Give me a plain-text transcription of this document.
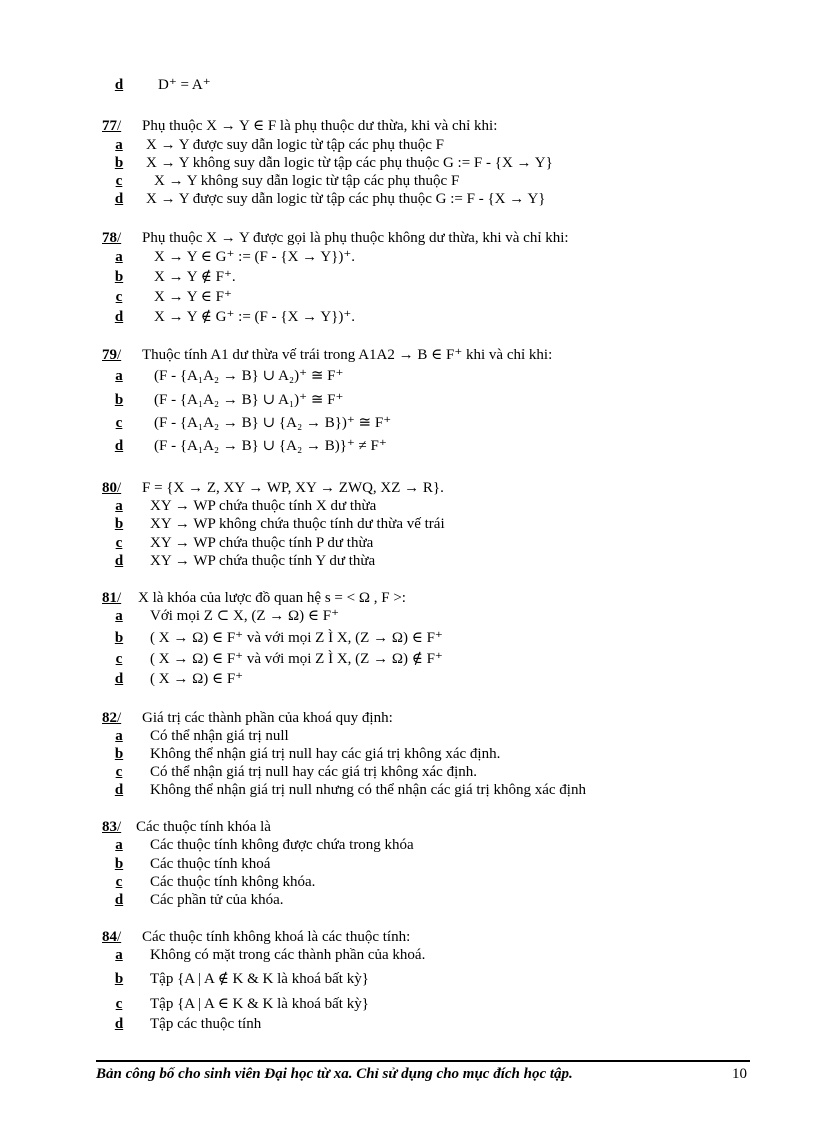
d D⁺ = A⁺
77/ Phụ thuộc X → Y ∈ F là phụ thuộc dư thừa, khi và chỉ khi:
a X → Y được suy dẫn logic từ tập các phụ thuộc F
b X → Y không suy dẫn logic từ tập các phụ thuộc G := F - {X → Y}
c X → Y không suy dẫn logic từ tập các phụ thuộc F
d X → Y được suy dẫn logic từ tập các phụ thuộc G := F - {X → Y}
78/ Phụ thuộc X → Y được gọi là phụ thuộc không dư thừa, khi và chỉ khi:
a X → Y ∈ G⁺ := (F - {X → Y})⁺.
b X → Y ∉ F⁺.
c X → Y ∈ F⁺
d X → Y ∉ G⁺ := (F - {X → Y})⁺.
79/ Thuộc tính A1 dư thừa vế trái trong A1A2 → B ∈ F⁺ khi và chỉ khi:
a (F - {A₁A₂ → B} ∪ A₂)⁺ ≅ F⁺
b (F - {A₁A₂ → B} ∪ A₁)⁺ ≅ F⁺
c (F - {A₁A₂ → B} ∪ {A₂ → B})⁺ ≅ F⁺
d (F - {A₁A₂ → B} ∪ {A₂ → B)}⁺ ≠ F⁺
80/ F = {X → Z, XY → WP, XY → ZWQ, XZ → R}.
a XY → WP chứa thuộc tính X dư thừa
b XY → WP không chứa thuộc tính dư thừa vế trái
c XY → WP chứa thuộc tính P dư thừa
d XY → WP chứa thuộc tính Y dư thừa
81/ X là khóa của lược đồ quan hệ s = < Ω , F >:
a Với mọi Z ⊂ X, (Z → Ω) ∈ F⁺
b ( X → Ω) ∈ F⁺ và với mọi Z Ì X, (Z → Ω) ∈ F⁺
c ( X → Ω) ∈ F⁺ và với mọi Z Ì X, (Z → Ω) ∉ F⁺
d ( X → Ω) ∈ F⁺
82/ Giá trị các thành phần của khoá quy định:
a Có thể nhận giá trị null
b Không thể nhận giá trị null hay các giá trị không xác định.
c Có thể nhận giá trị null hay các giá trị không xác định.
d Không thể nhận giá trị null nhưng có thể nhận các giá trị không xác định
83/ Các thuộc tính khóa là
a Các thuộc tính không được chứa trong khóa
b Các thuộc tính khoá
c Các thuộc tính không khóa.
d Các phần tử của khóa.
84/ Các thuộc tính không khoá là các thuộc tính:
a Không có mặt trong các thành phần của khoá.
b Tập {A | A ∉ K & K là khoá bất kỳ}
c Tập {A | A ∈ K & K là khoá bất kỳ}
d Tập các thuộc tính
Bản công bố cho sinh viên Đại học từ xa. Chỉ sử dụng cho mục đích học tập.	10
